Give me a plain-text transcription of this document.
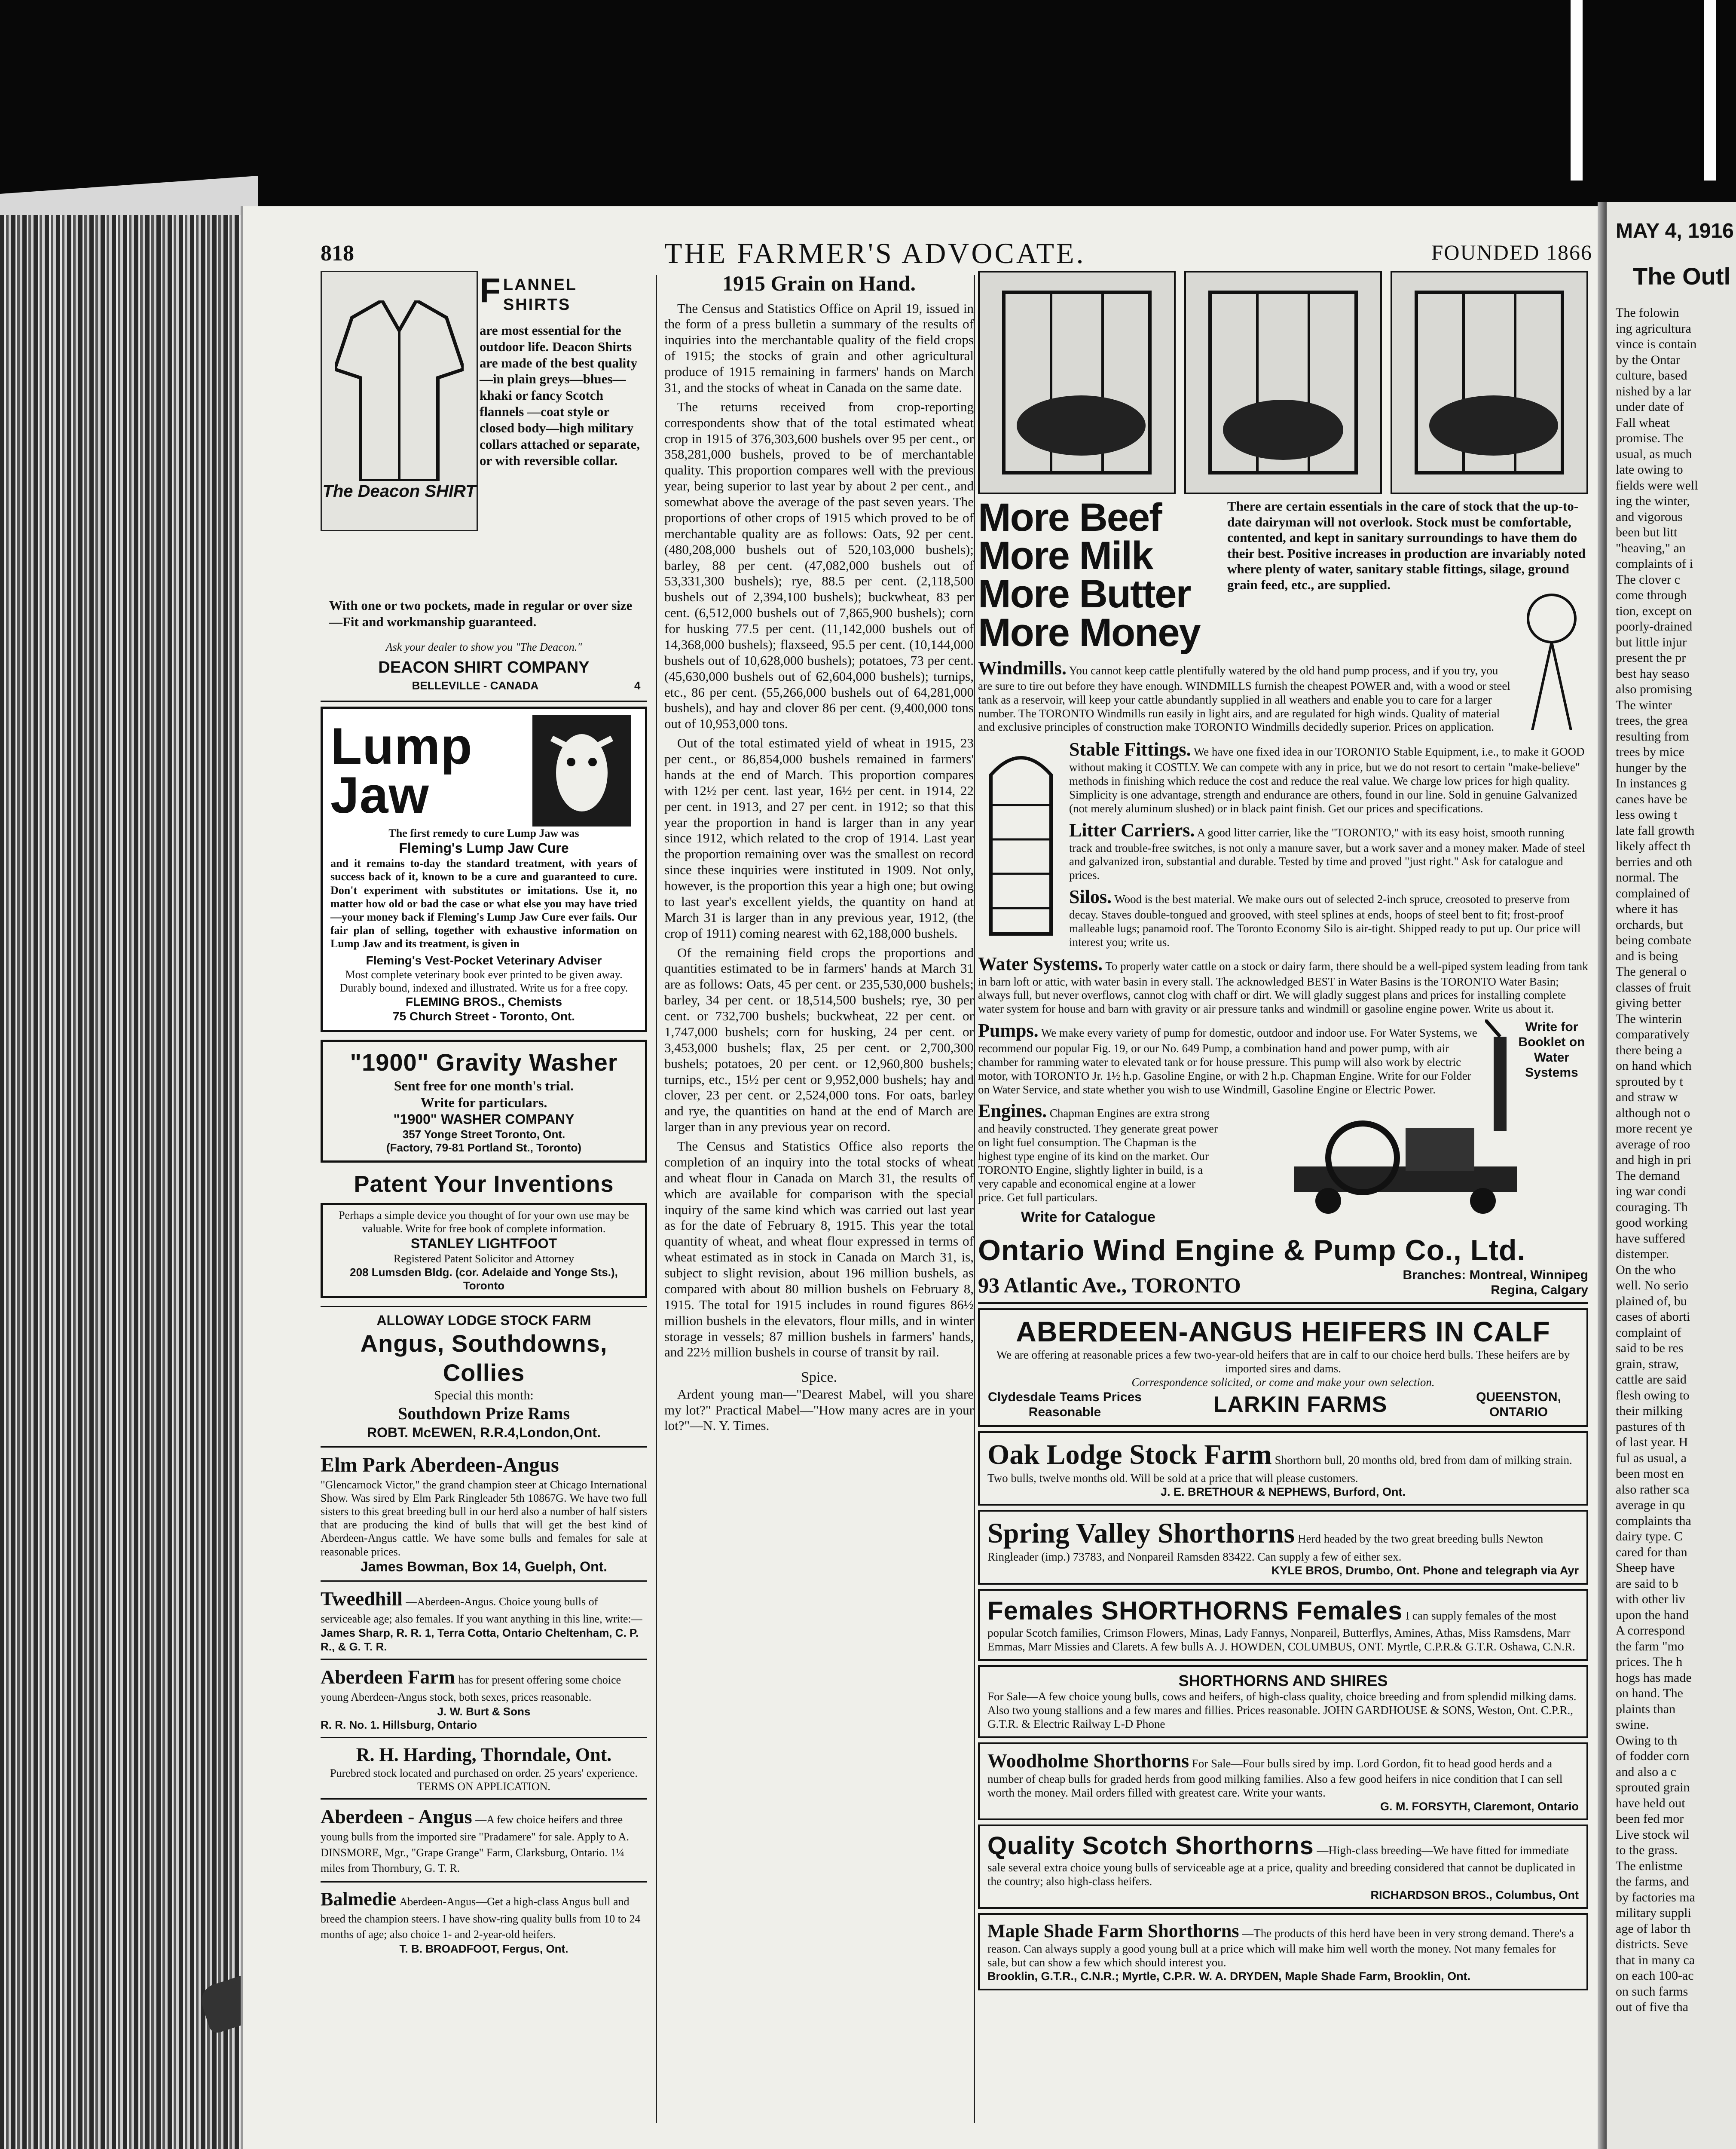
818	THE FARMER'S ADVOCATE.	FOUNDED 1866
The Deacon SHIRT
F LANNEL SHIRTS
are most essential for the outdoor life. Deacon Shirts are made of the best quality—in plain greys—blues—khaki or fancy Scotch flannels —coat style or closed body—high military collars attached or separate, or with reversible collar.
With one or two pockets, made in regular or over size—Fit and workmanship guaranteed.
Ask your dealer to show you "The Deacon."
DEACON SHIRT COMPANY
BELLEVILLE - CANADA	4
Lump Jaw
The first remedy to cure Lump Jaw was
Fleming's Lump Jaw Cure
and it remains to-day the standard treatment, with years of success back of it, known to be a cure and guaranteed to cure. Don't experiment with substitutes or imitations. Use it, no matter how old or bad the case or what else you may have tried—your money back if Fleming's Lump Jaw Cure ever fails. Our fair plan of selling, together with exhaustive information on Lump Jaw and its treatment, is given in
Fleming's Vest-Pocket Veterinary Adviser
Most complete veterinary book ever printed to be given away. Durably bound, indexed and illustrated. Write us for a free copy.
FLEMING BROS., Chemists
75 Church Street - Toronto, Ont.
"1900" Gravity Washer
Sent free for one month's trial.
Write for particulars.
"1900" WASHER COMPANY
357 Yonge Street Toronto, Ont.
(Factory, 79-81 Portland St., Toronto)
Patent Your Inventions
Perhaps a simple device you thought of for your own use may be valuable. Write for free book of complete information.
STANLEY LIGHTFOOT
Registered Patent Solicitor and Attorney
208 Lumsden Bldg. (cor. Adelaide and Yonge Sts.), Toronto
ALLOWAY LODGE STOCK FARM
Angus, Southdowns, Collies
Special this month:
Southdown Prize Rams
ROBT. McEWEN, R.R.4,London,Ont.
Elm Park Aberdeen-Angus
"Glencarnock Victor," the grand champion steer at Chicago International Show. Was sired by Elm Park Ringleader 5th 10867G. We have two full sisters to this great breeding bull in our herd also a number of half sisters that are producing the kind of bulls that will get the best kind of Aberdeen-Angus cattle. We have some bulls and females for sale at reasonable prices.
James Bowman, Box 14, Guelph, Ont.
Tweedhill —Aberdeen-Angus. Choice young bulls of serviceable age; also females. If you want anything in this line, write:—
James Sharp, R. R. 1, Terra Cotta, Ontario Cheltenham, C. P. R., & G. T. R.
Aberdeen Farm has for present offering some choice young Aberdeen-Angus stock, both sexes, prices reasonable.
J. W. Burt & Sons
R. R. No. 1. Hillsburg, Ontario
R. H. Harding, Thorndale, Ont.
Purebred stock located and purchased on order. 25 years' experience.
TERMS ON APPLICATION.
Aberdeen - Angus —A few choice heifers and three young bulls from the imported sire "Pradamere" for sale. Apply to A. DINSMORE, Mgr., "Grape Grange" Farm, Clarksburg, Ontario. 1¼ miles from Thornbury, G. T. R.
Balmedie Aberdeen-Angus—Get a high-class Angus bull and breed the champion steers. I have show-ring quality bulls from 10 to 24 months of age; also choice 1- and 2-year-old heifers.
T. B. BROADFOOT, Fergus, Ont.
1915 Grain on Hand.

The Census and Statistics Office on April 19, issued in the form of a press bulletin a summary of the results of inquiries into the merchantable quality of the field crops of 1915; the stocks of grain and other agricultural produce of 1915 remaining in farmers' hands on March 31, and the stocks of wheat in Canada on the same date.

The returns received from crop-reporting correspondents show that of the total estimated wheat crop in 1915 of 376,303,600 bushels over 95 per cent., or 358,281,000 bushels, proved to be of merchantable quality. This proportion compares well with the previous year, being superior to last year by about 2 per cent., and somewhat above the average of the past seven years. The proportions of other crops of 1915 which proved to be of merchantable quality are as follows: Oats, 92 per cent. (480,208,000 bushels out of 520,103,000 bushels); barley, 88 per cent. (47,082,000 bushels out of 53,331,300 bushels); rye, 88.5 per cent. (2,118,500 bushels out of 2,394,100 bushels); buckwheat, 83 per cent. (6,512,000 bushels out of 7,865,900 bushels); corn for husking 77.5 per cent. (11,142,000 bushels out of 14,368,000 bushels); flaxseed, 95.5 per cent. (10,144,000 bushels out of 10,628,000 bushels); potatoes, 73 per cent. (45,630,000 bushels out of 62,604,000 bushels); turnips, etc., 86 per cent. (55,266,000 bushels out of 64,281,000 bushels), and hay and clover 86 per cent. (9,400,000 tons out of 10,953,000 tons.

Out of the total estimated yield of wheat in 1915, 23 per cent., or 86,854,000 bushels remained in farmers' hands at the end of March. This proportion compares with 12½ per cent. last year, 16½ per cent. in 1914, 22 per cent. in 1913, and 27 per cent. in 1912; so that this year the proportion in hand is larger than in any year since 1912, which related to the crop of 1914. Last year the proportion remaining over was the smallest on record since these inquiries were instituted in 1909. Not only, however, is the proportion this year a high one; but owing to last year's excellent yields, the quantity on hand at March 31 is larger than in any previous year, 1912, (the crop of 1911) coming nearest with 62,188,000 bushels.

Of the remaining field crops the proportions and quantities estimated to be in farmers' hands at March 31 are as follows: Oats, 45 per cent. or 235,530,000 bushels; barley, 34 per cent. or 18,514,500 bushels; rye, 30 per cent. or 732,700 bushels; buckwheat, 22 per cent. or 1,747,000 bushels; corn for husking, 24 per cent. or 3,453,000 bushels; flax, 25 per cent. or 2,700,300 bushels; potatoes, 20 per cent. or 12,960,800 bushels; turnips, etc., 15½ per cent or 9,952,000 bushels; hay and clover, 23 per cent. or 2,524,000 tons. For oats, barley and rye, the quantities on hand at the end of March are larger than in any previous year on record.

The Census and Statistics Office also reports the completion of an inquiry into the total stocks of wheat and wheat flour in Canada on March 31, the results of which are available for comparison with the special inquiry of the same kind which was carried out last year as for the date of February 8, 1915. This year the total quantity of wheat, and wheat flour expressed in terms of wheat estimated as in stock in Canada on March 31, is, subject to slight revision, about 196 million bushels, as compared with about 80 million bushels on February 8, 1915. The total for 1915 includes in round figures 86½ million bushels in the elevators, flour mills, and in winter storage in vessels; 87 million bushels in farmers' hands, and 22½ million bushels in course of transit by rail.

Spice.

Ardent young man—"Dearest Mabel, will you share my lot?" Practical Mabel—"How many acres are in your lot?"—N. Y. Times.

More Beef
More Milk
More Butter
More Money
There are certain essentials in the care of stock that the up-to-date dairyman will not overlook. Stock must be comfortable, contented, and kept in sanitary surroundings to have them do their best. Positive increases in production are invariably noted where plenty of water, sanitary stable fittings, silage, ground grain feed, etc., are supplied.
Windmills. You cannot keep cattle plentifully watered by the old hand pump process, and if you try, you are sure to tire out before they have enough. WINDMILLS furnish the cheapest POWER and, with a wood or steel tank as a reservoir, will keep your cattle abundantly supplied in all weathers and enable you to care for a larger number. The TORONTO Windmills run easily in light airs, and are regulated for high winds. Quality of material and exclusive principles of construction make TORONTO Windmills decidedly superior. Prices on application.
Stable Fittings. We have one fixed idea in our TORONTO Stable Equipment, i.e., to make it GOOD without making it COSTLY. We can compete with any in price, but we do not resort to certain "make-believe" methods in finishing which reduce the cost and reduce the real value. We charge low prices for high quality. Simplicity is one advantage, strength and endurance are others, found in our line. Sold in genuine Galvanized (not merely aluminum slushed) or in black paint finish. Get our prices and specifications.
Litter Carriers. A good litter carrier, like the "TORONTO," with its easy hoist, smooth running track and trouble-free switches, is not only a manure saver, but a work saver and a money maker. Made of steel and galvanized iron, substantial and durable. Tested by time and proved "just right." Ask for catalogue and prices.
Silos. Wood is the best material. We make ours out of selected 2-inch spruce, creosoted to preserve from decay. Staves double-tongued and grooved, with steel splines at ends, hoops of steel bent to fit; frost-proof malleable lugs; panamoid roof. The Toronto Economy Silo is air-tight. Shipped ready to put up. Our price will interest you; write us.
Water Systems. To properly water cattle on a stock or dairy farm, there should be a well-piped system leading from tank in barn loft or attic, with water basin in every stall. The acknowledged BEST in Water Basins is the TORONTO Water Basin; always full, but never overflows, cannot clog with chaff or dirt. We will gladly suggest plans and prices for installing complete water system for house and barn with gravity or air pressure tanks and windmill or gasoline engine power. Write us about it.
Pumps. We make every variety of pump for domestic, outdoor and indoor use. For Water Systems, we recommend our popular Fig. 19, or our No. 649 Pump, a combination hand and power pump, with air chamber for ramming water to elevated tank or for house pressure. This pump will also work by electric motor, with TORONTO Jr. 1½ h.p. Gasoline Engine, or with 2 h.p. Chapman Engine. Write for our Folder on Water Service, and state whether you wish to use Windmill, Gasoline Engine or Electric Power.
Write for Booklet on Water Systems
Engines. Chapman Engines are extra strong and heavily constructed. They generate great power on light fuel consumption. The Chapman is the highest type engine of its kind on the market. Our TORONTO Engine, slightly lighter in build, is a very capable and economical engine at a lower price. Get full particulars.
Write for Catalogue
Ontario Wind Engine & Pump Co., Ltd.
93 Atlantic Ave., TORONTO	Branches: Montreal, Winnipeg Regina, Calgary
ABERDEEN-ANGUS HEIFERS IN CALF
We are offering at reasonable prices a few two-year-old heifers that are in calf to our choice herd bulls. These heifers are by imported sires and dams.
Correspondence solicited, or come and make your own selection.
Clydesdale Teams Prices Reasonable	LARKIN FARMS	QUEENSTON, ONTARIO
Oak Lodge Stock Farm Shorthorn bull, 20 months old, bred from dam of milking strain. Two bulls, twelve months old. Will be sold at a price that will please customers.
J. E. BRETHOUR & NEPHEWS, Burford, Ont.
Spring Valley Shorthorns Herd headed by the two great breeding bulls Newton Ringleader (imp.) 73783, and Nonpareil Ramsden 83422. Can supply a few of either sex.
KYLE BROS, Drumbo, Ont. Phone and telegraph via Ayr
Females SHORTHORNS Females I can supply females of the most popular Scotch families, Crimson Flowers, Minas, Lady Fannys, Nonpareil, Butterflys, Amines, Athas, Miss Ramsdens, Marr Emmas, Marr Missies and Clarets. A few bulls A. J. HOWDEN, COLUMBUS, ONT. Myrtle, C.P.R.& G.T.R. Oshawa, C.N.R.
SHORTHORNS AND SHIRES
For Sale—A few choice young bulls, cows and heifers, of high-class quality, choice breeding and from splendid milking dams. Also two young stallions and a few mares and fillies. Prices reasonable. JOHN GARDHOUSE & SONS, Weston, Ont. C.P.R., G.T.R. & Electric Railway L-D Phone
Woodholme Shorthorns For Sale—Four bulls sired by imp. Lord Gordon, fit to head good herds and a number of cheap bulls for graded herds from good milking families. Also a few good heifers in nice condition that I can sell worth the money. Mail orders filled with greatest care. Write your wants.
G. M. FORSYTH, Claremont, Ontario
Quality Scotch Shorthorns —High-class breeding—We have fitted for immediate sale several extra choice young bulls of serviceable age at a price, quality and breeding considered that cannot be duplicated in the country; also high-class heifers.
RICHARDSON BROS., Columbus, Ont
Maple Shade Farm Shorthorns —The products of this herd have been in very strong demand. There's a reason. Can always supply a good young bull at a price which will make him well worth the money. Not many females for sale, but can show a few which should interest you.
Brooklin, G.T.R., C.N.R.; Myrtle, C.P.R. W. A. DRYDEN, Maple Shade Farm, Brooklin, Ont.
MAY 4, 1916
The Outl
The folowin
ing agricultura
vince is contain
by the Ontar
culture, based
nished by a lar
under date of
Fall wheat
promise. The
usual, as much
late owing to
fields were well
ing the winter,
and vigorous
been but litt
"heaving," an
complaints of i
The clover c
come through
tion, except on
poorly-drained
but little injur
present the pr
best hay seaso
also promising
The winter
trees, the grea
resulting from
trees by mice
hunger by the
In instances g
canes have be
less owing t
late fall growth
likely affect th
berries and oth
normal. The
complained of
where it has
orchards, but
being combate
and is being
The general o
classes of fruit
giving better
The winterin
comparatively
there being a
on hand which
sprouted by t
and straw w
although not o
more recent ye
average of roo
and high in pri
The demand
ing war condi
couraging. Th
good working
have suffered
distemper.
On the who
well. No serio
plained of, bu
cases of aborti
complaint of
said to be res
grain, straw,
cattle are said
flesh owing to
their milking
pastures of th
of last year. H
ful as usual, a
been most en
also rather sca
average in qu
complaints tha
dairy type. C
cared for than
Sheep have
are said to b
with other liv
upon the hand
A correspond
the farm "mo
prices. The h
hogs has made
on hand. The
plaints than
swine.
Owing to th
of fodder corn
and also a c
sprouted grain
have held out
been fed mor
Live stock wil
to the grass.
The enlistme
the farms, and
by factories ma
military suppli
age of labor th
districts. Seve
that in many ca
on each 100-ac
on such farms
out of five tha
